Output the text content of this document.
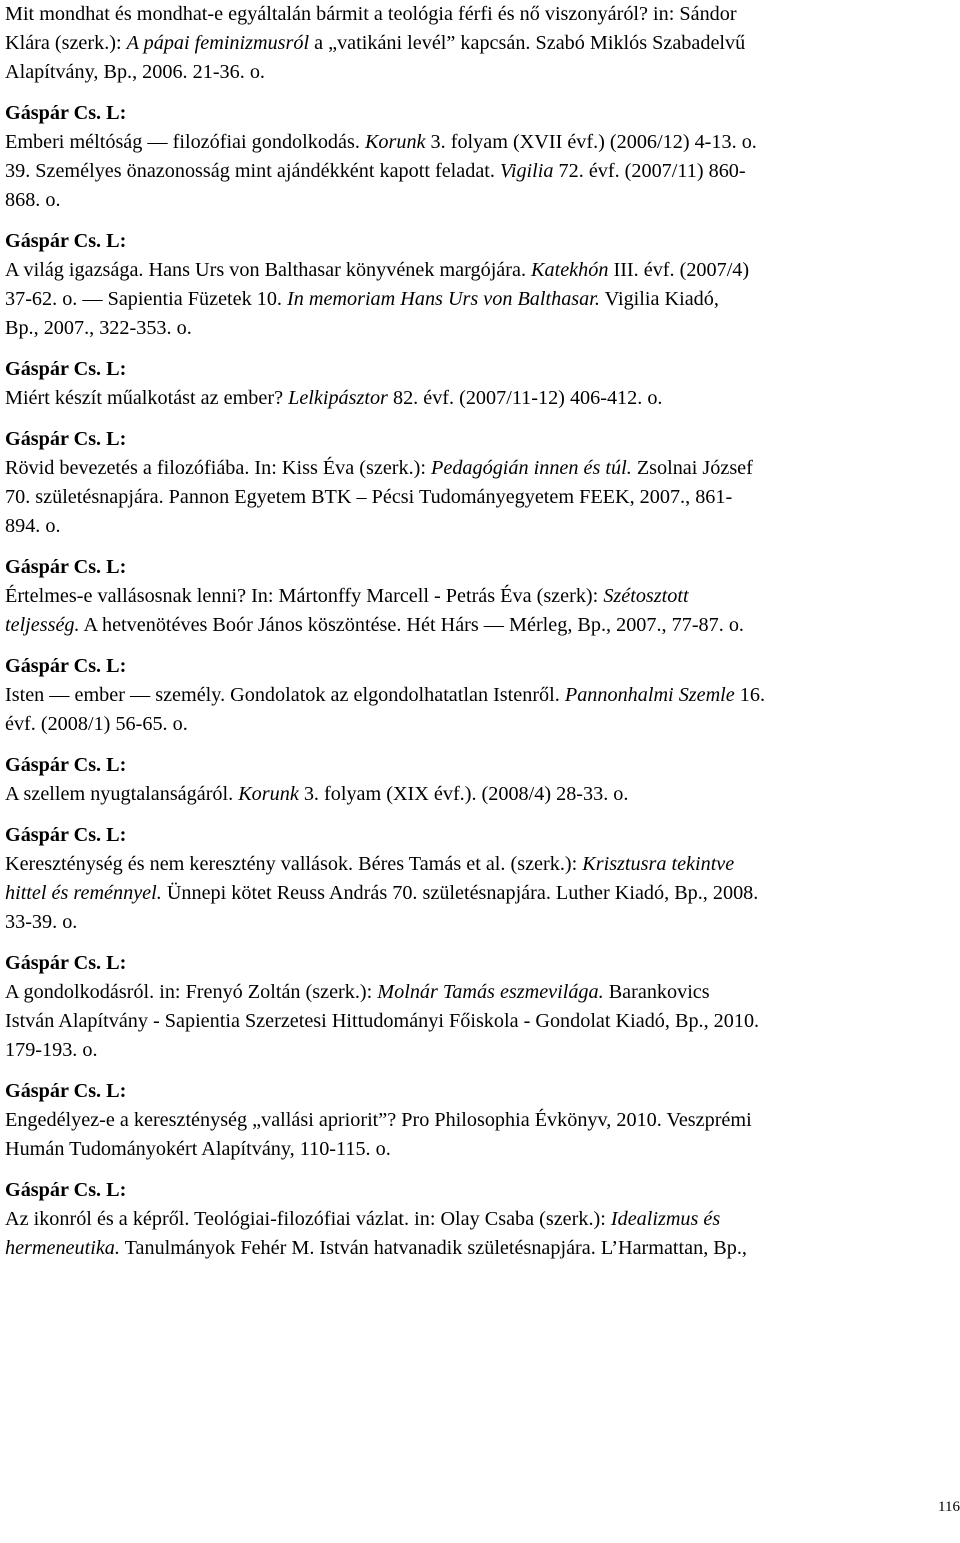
Mit mondhat és mondhat-e egyáltalán bármit a teológia férfi és nő viszonyáról? in: Sándor
Klára (szerk.): A pápai feminizmusról a „vatikáni levél” kapcsán. Szabó Miklós Szabadelvű
Alapítvány, Bp., 2006. 21-36. o.
Gáspár Cs. L:
Emberi méltóság — filozófiai gondolkodás. Korunk 3. folyam (XVII évf.) (2006/12) 4-13. o.
39. Személyes önazonosság mint ajándékként kapott feladat. Vigilia 72. évf. (2007/11) 860-
868. o.
Gáspár Cs. L:
A világ igazsága. Hans Urs von Balthasar könyvének margójára. Katekhón III. évf. (2007/4)
37-62. o. — Sapientia Füzetek 10. In memoriam Hans Urs von Balthasar. Vigilia Kiadó,
Bp., 2007., 322-353. o.
Gáspár Cs. L:
Miért készít műalkotást az ember? Lelkipásztor 82. évf. (2007/11-12) 406-412. o.
Gáspár Cs. L:
Rövid bevezetés a filozófiába. In: Kiss Éva (szerk.): Pedagógián innen és túl. Zsolnai József
70. születésnapjára. Pannon Egyetem BTK – Pécsi Tudományegyetem FEEK, 2007., 861-
894. o.
Gáspár Cs. L:
Értelmes-e vallásosnak lenni? In: Mártonffy Marcell - Petrás Éva (szerk): Szétosztott
teljesség. A hetvenötéves Boór János köszöntése. Hét Hárs — Mérleg, Bp., 2007., 77-87. o.
Gáspár Cs. L:
Isten — ember — személy. Gondolatok az elgondolhatatlan Istenről. Pannonhalmi Szemle 16.
évf. (2008/1) 56-65. o.
Gáspár Cs. L:
A szellem nyugtalanságáról. Korunk 3. folyam (XIX évf.). (2008/4) 28-33. o.
Gáspár Cs. L:
Kereszténység és nem keresztény vallások. Béres Tamás et al. (szerk.): Krisztusra tekintve
hittel és reménnyel. Ünnepi kötet Reuss András 70. születésnapjára. Luther Kiadó, Bp., 2008.
33-39. o.
Gáspár Cs. L:
A gondolkodásról. in: Frenyó Zoltán (szerk.): Molnár Tamás eszmevilága. Barankovics
István Alapítvány - Sapientia Szerzetesi Hittudományi Főiskola - Gondolat Kiadó, Bp., 2010.
179-193. o.
Gáspár Cs. L:
Engedélyez-e a kereszténység „vallási apriorit”? Pro Philosophia Évkönyv, 2010. Veszprémi
Humán Tudományokért Alapítvány, 110-115. o.
Gáspár Cs. L:
Az ikonról és a képről. Teológiai-filozófiai vázlat. in: Olay Csaba (szerk.): Idealizmus és
hermeneutika. Tanulmányok Fehér M. István hatvanadik születésnapjára. L’Harmattan, Bp.,
116
